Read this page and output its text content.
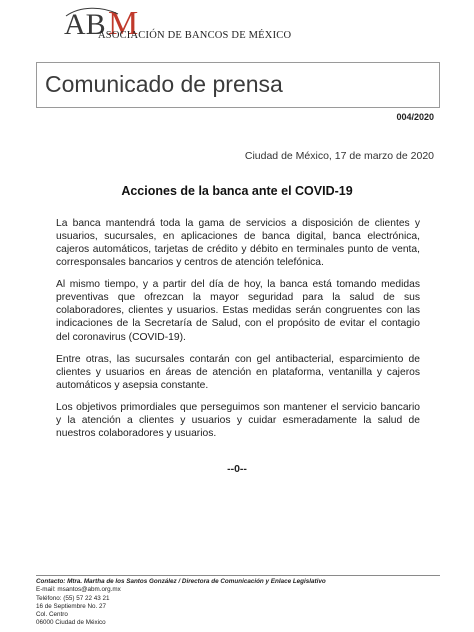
AB M
ASOCIACIÓN DE BANCOS DE MÉXICO
Comunicado de prensa
004/2020
Ciudad de México, 17 de marzo de 2020
Acciones de la banca ante el COVID-19

La banca mantendrá toda la gama de servicios a disposición de clientes y usuarios, sucursales, en aplicaciones de banca digital, banca electrónica, cajeros automáticos, tarjetas de crédito y débito en terminales punto de venta, corresponsales bancarios y centros de atención telefónica.

Al mismo tiempo, y a partir del día de hoy, la banca está tomando medidas preventivas que ofrezcan la mayor seguridad para la salud de sus colaboradores, clientes y usuarios. Estas medidas serán congruentes con las indicaciones de la Secretaría de Salud, con el propósito de evitar el contagio del coronavirus (COVID-19).

Entre otras, las sucursales contarán con gel antibacterial, esparcimiento de clientes y usuarios en áreas de atención en plataforma, ventanilla y cajeros automáticos y asepsia constante.

Los objetivos primordiales que perseguimos son mantener el servicio bancario y la atención a clientes y usuarios y cuidar esmeradamente la salud de nuestros colaboradores y usuarios.

--0--
Contacto: Mtra. Martha de los Santos González / Directora de Comunicación y Enlace Legislativo
E-mail: msantos@abm.org.mx
Teléfono: (55) 57 22 43 21
16 de Septiembre No. 27
Col. Centro
06000 Ciudad de México
